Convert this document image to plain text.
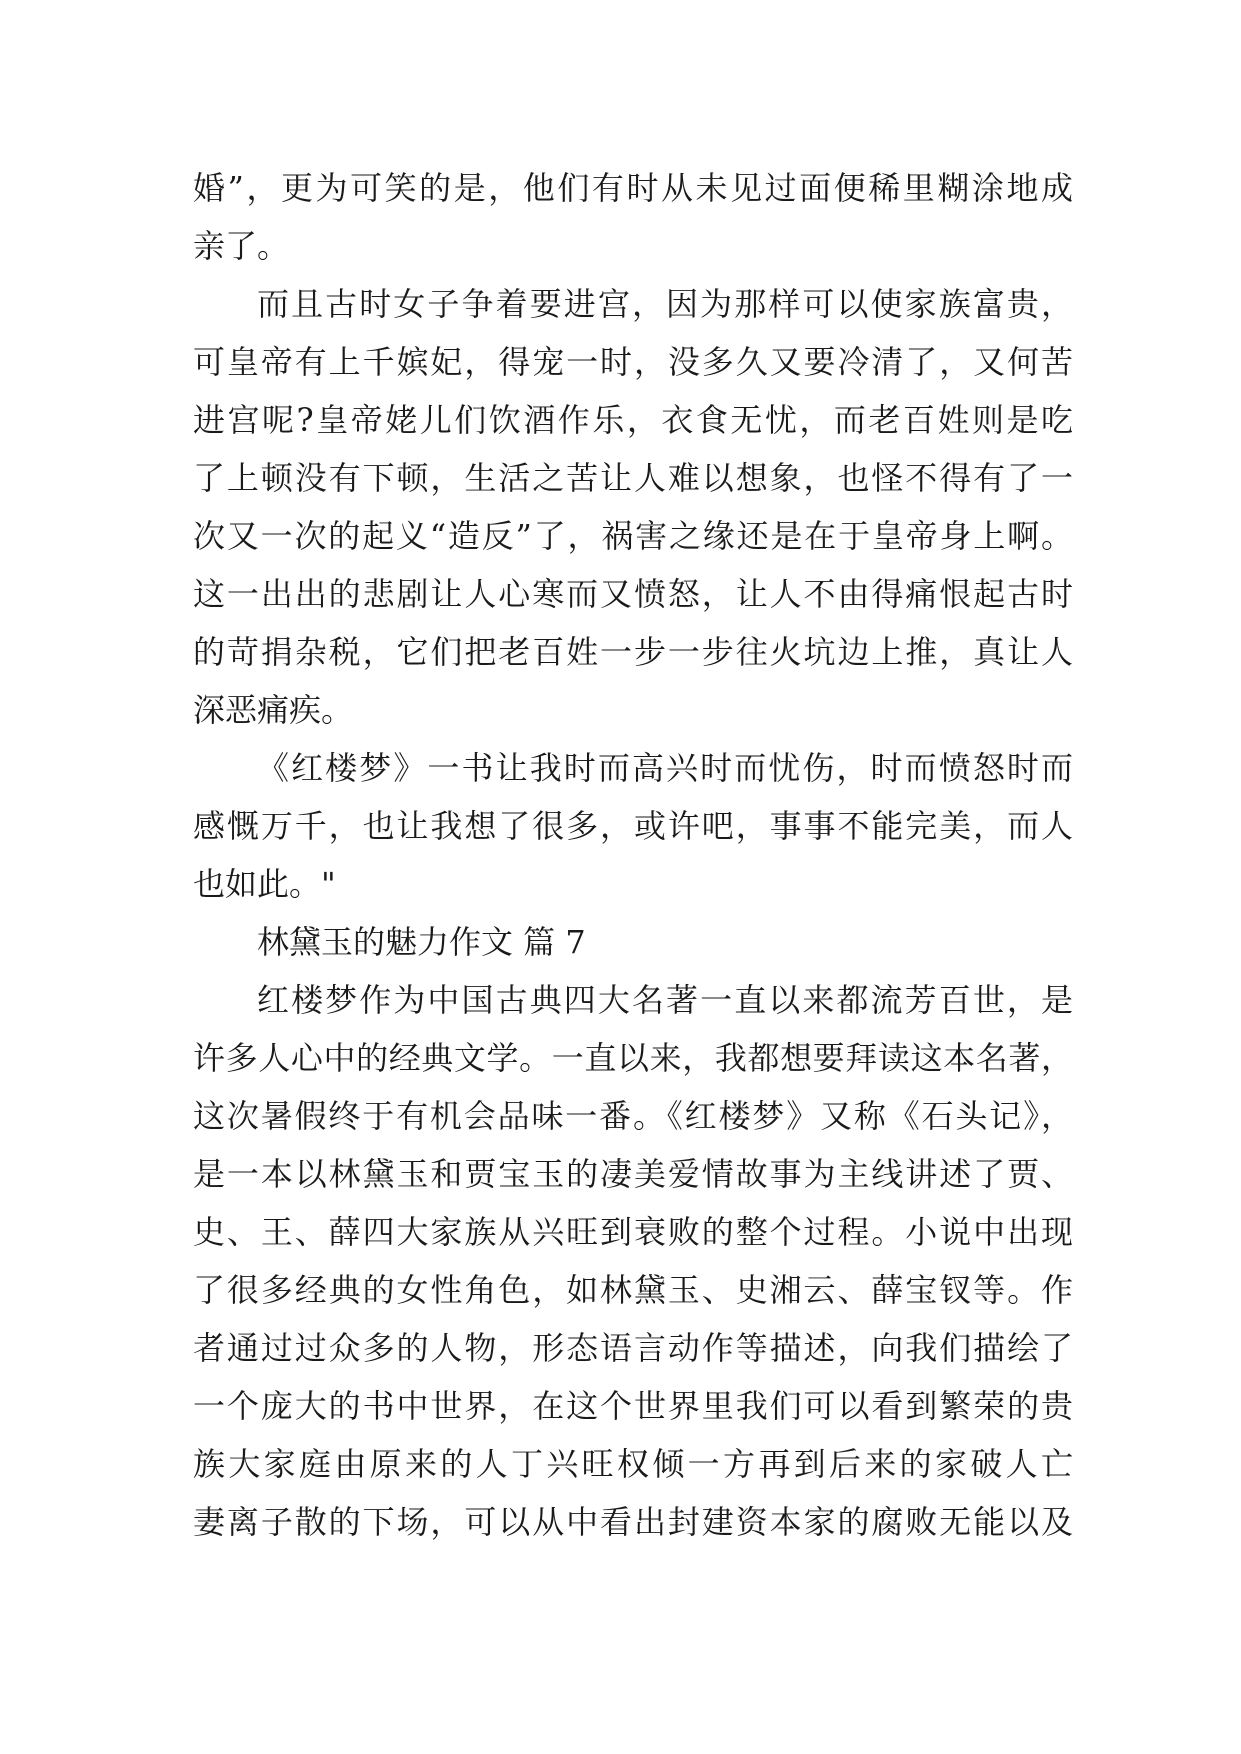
婚”，更为可笑的是，他们有时从未见过面便稀里糊涂地成
亲了。
而且古时女子争着要进宫，因为那样可以使家族富贵，
可皇帝有上千嫔妃，得宠一时，没多久又要冷清了，又何苦
进宫呢?皇帝姥儿们饮酒作乐，衣食无忧，而老百姓则是吃
了上顿没有下顿，生活之苦让人难以想象，也怪不得有了一
次又一次的起义“造反”了，祸害之缘还是在于皇帝身上啊。
这一出出的悲剧让人心寒而又愤怒，让人不由得痛恨起古时
的苛捐杂税，它们把老百姓一步一步往火坑边上推，真让人
深恶痛疾。
《红楼梦》一书让我时而高兴时而忧伤，时而愤怒时而
感慨万千，也让我想了很多，或许吧，事事不能完美，而人
也如此。"
林黛玉的魅力作文 篇 7
红楼梦作为中国古典四大名著一直以来都流芳百世，是
许多人心中的经典文学。一直以来，我都想要拜读这本名著，
这次暑假终于有机会品味一番。《红楼梦》又称《石头记》，
是一本以林黛玉和贾宝玉的凄美爱情故事为主线讲述了贾、
史、王、薛四大家族从兴旺到衰败的整个过程。小说中出现
了很多经典的女性角色，如林黛玉、史湘云、薛宝钗等。作
者通过过众多的人物，形态语言动作等描述，向我们描绘了
一个庞大的书中世界，在这个世界里我们可以看到繁荣的贵
族大家庭由原来的人丁兴旺权倾一方再到后来的家破人亡
妻离子散的下场，可以从中看出封建资本家的腐败无能以及
